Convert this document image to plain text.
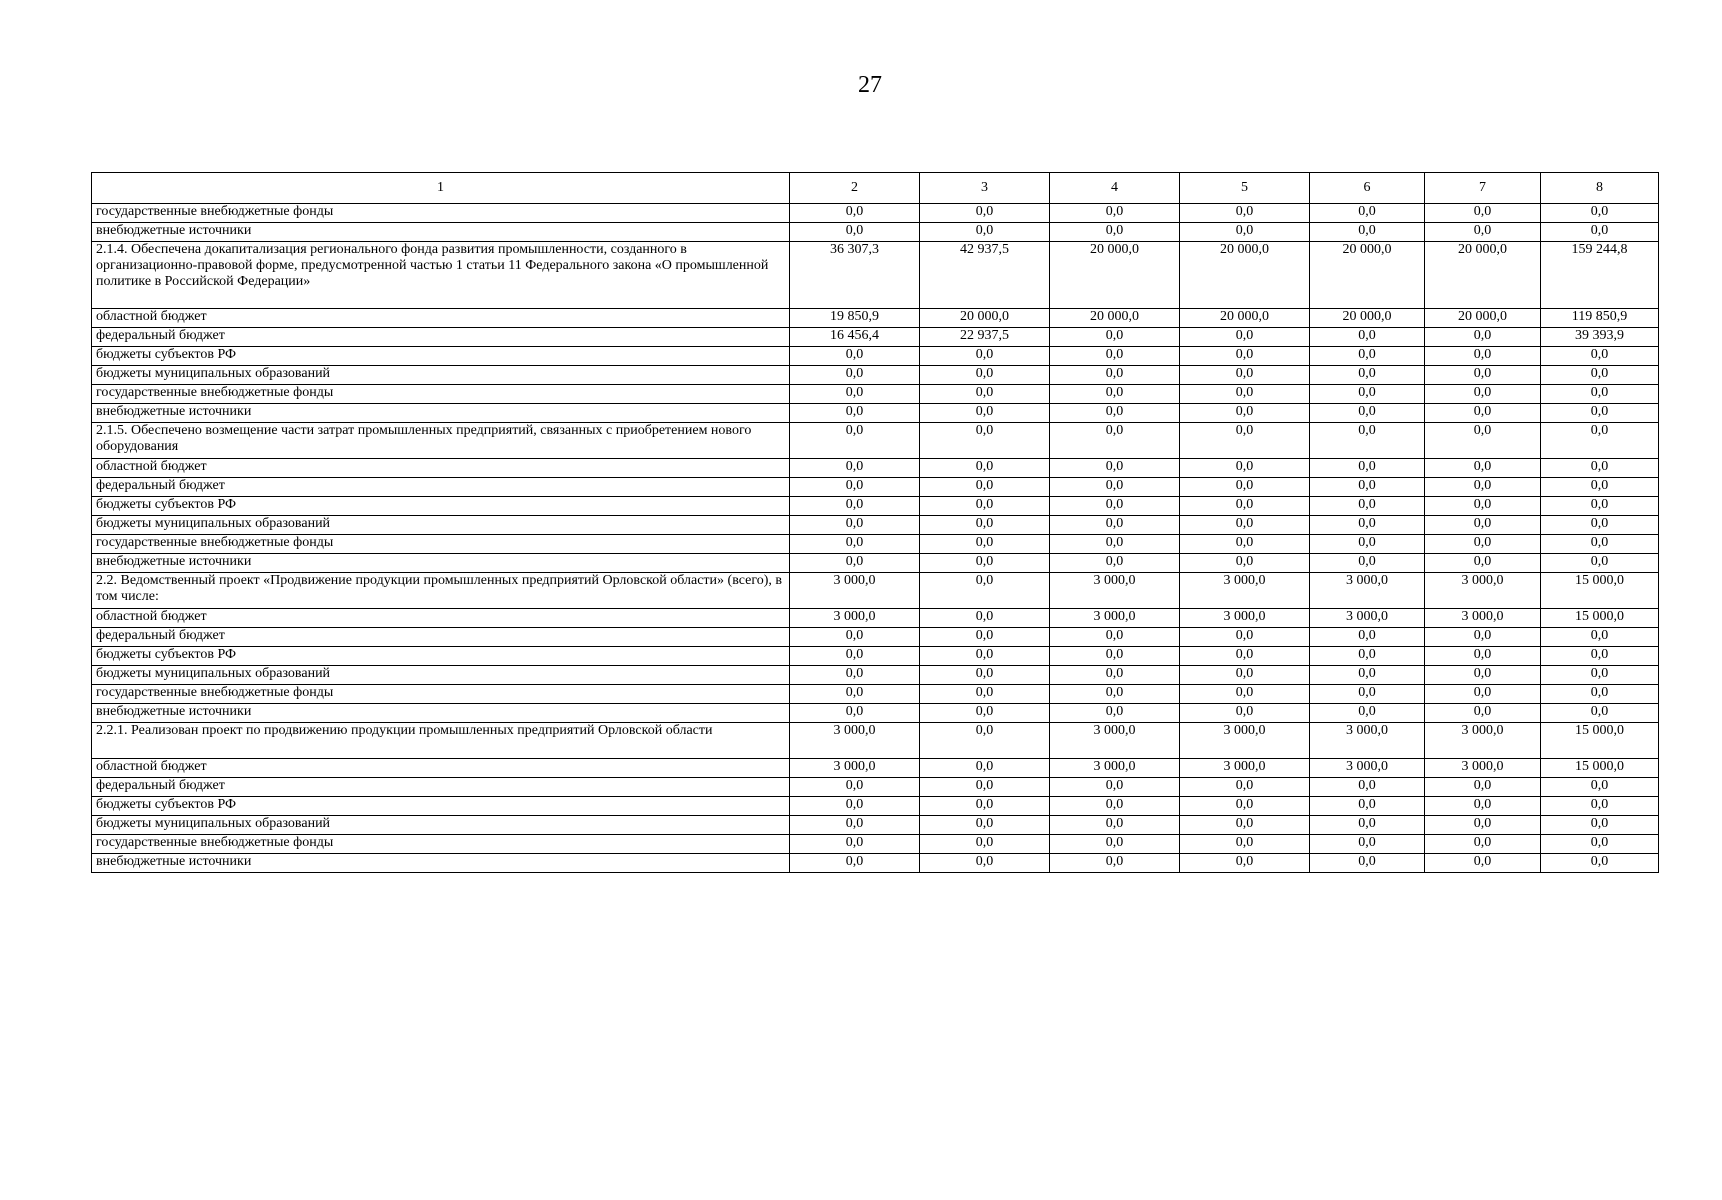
27
1	2	3	4	5	6	7	8
государственные внебюджетные фонды	0,0	0,0	0,0	0,0	0,0	0,0	0,0
внебюджетные источники	0,0	0,0	0,0	0,0	0,0	0,0	0,0
2.1.4. Обеспечена докапитализация регионального фонда развития промышленности, созданного в организационно-правовой форме, предусмотренной частью 1 статьи 11 Федерального закона «О промышленной политике в Российской Федерации»	36 307,3	42 937,5	20 000,0	20 000,0	20 000,0	20 000,0	159 244,8
областной бюджет	19 850,9	20 000,0	20 000,0	20 000,0	20 000,0	20 000,0	119 850,9
федеральный бюджет	16 456,4	22 937,5	0,0	0,0	0,0	0,0	39 393,9
бюджеты субъектов РФ	0,0	0,0	0,0	0,0	0,0	0,0	0,0
бюджеты муниципальных образований	0,0	0,0	0,0	0,0	0,0	0,0	0,0
государственные внебюджетные фонды	0,0	0,0	0,0	0,0	0,0	0,0	0,0
внебюджетные источники	0,0	0,0	0,0	0,0	0,0	0,0	0,0
2.1.5. Обеспечено возмещение части затрат промышленных предприятий, связанных с приобретением нового оборудования	0,0	0,0	0,0	0,0	0,0	0,0	0,0
областной бюджет	0,0	0,0	0,0	0,0	0,0	0,0	0,0
федеральный бюджет	0,0	0,0	0,0	0,0	0,0	0,0	0,0
бюджеты субъектов РФ	0,0	0,0	0,0	0,0	0,0	0,0	0,0
бюджеты муниципальных образований	0,0	0,0	0,0	0,0	0,0	0,0	0,0
государственные внебюджетные фонды	0,0	0,0	0,0	0,0	0,0	0,0	0,0
внебюджетные источники	0,0	0,0	0,0	0,0	0,0	0,0	0,0
2.2. Ведомственный проект «Продвижение продукции промышленных предприятий Орловской области» (всего), в том числе:	3 000,0	0,0	3 000,0	3 000,0	3 000,0	3 000,0	15 000,0
областной бюджет	3 000,0	0,0	3 000,0	3 000,0	3 000,0	3 000,0	15 000,0
федеральный бюджет	0,0	0,0	0,0	0,0	0,0	0,0	0,0
бюджеты субъектов РФ	0,0	0,0	0,0	0,0	0,0	0,0	0,0
бюджеты муниципальных образований	0,0	0,0	0,0	0,0	0,0	0,0	0,0
государственные внебюджетные фонды	0,0	0,0	0,0	0,0	0,0	0,0	0,0
внебюджетные источники	0,0	0,0	0,0	0,0	0,0	0,0	0,0
2.2.1. Реализован проект по продвижению продукции промышленных предприятий Орловской области	3 000,0	0,0	3 000,0	3 000,0	3 000,0	3 000,0	15 000,0
областной бюджет	3 000,0	0,0	3 000,0	3 000,0	3 000,0	3 000,0	15 000,0
федеральный бюджет	0,0	0,0	0,0	0,0	0,0	0,0	0,0
бюджеты субъектов РФ	0,0	0,0	0,0	0,0	0,0	0,0	0,0
бюджеты муниципальных образований	0,0	0,0	0,0	0,0	0,0	0,0	0,0
государственные внебюджетные фонды	0,0	0,0	0,0	0,0	0,0	0,0	0,0
внебюджетные источники	0,0	0,0	0,0	0,0	0,0	0,0	0,0
